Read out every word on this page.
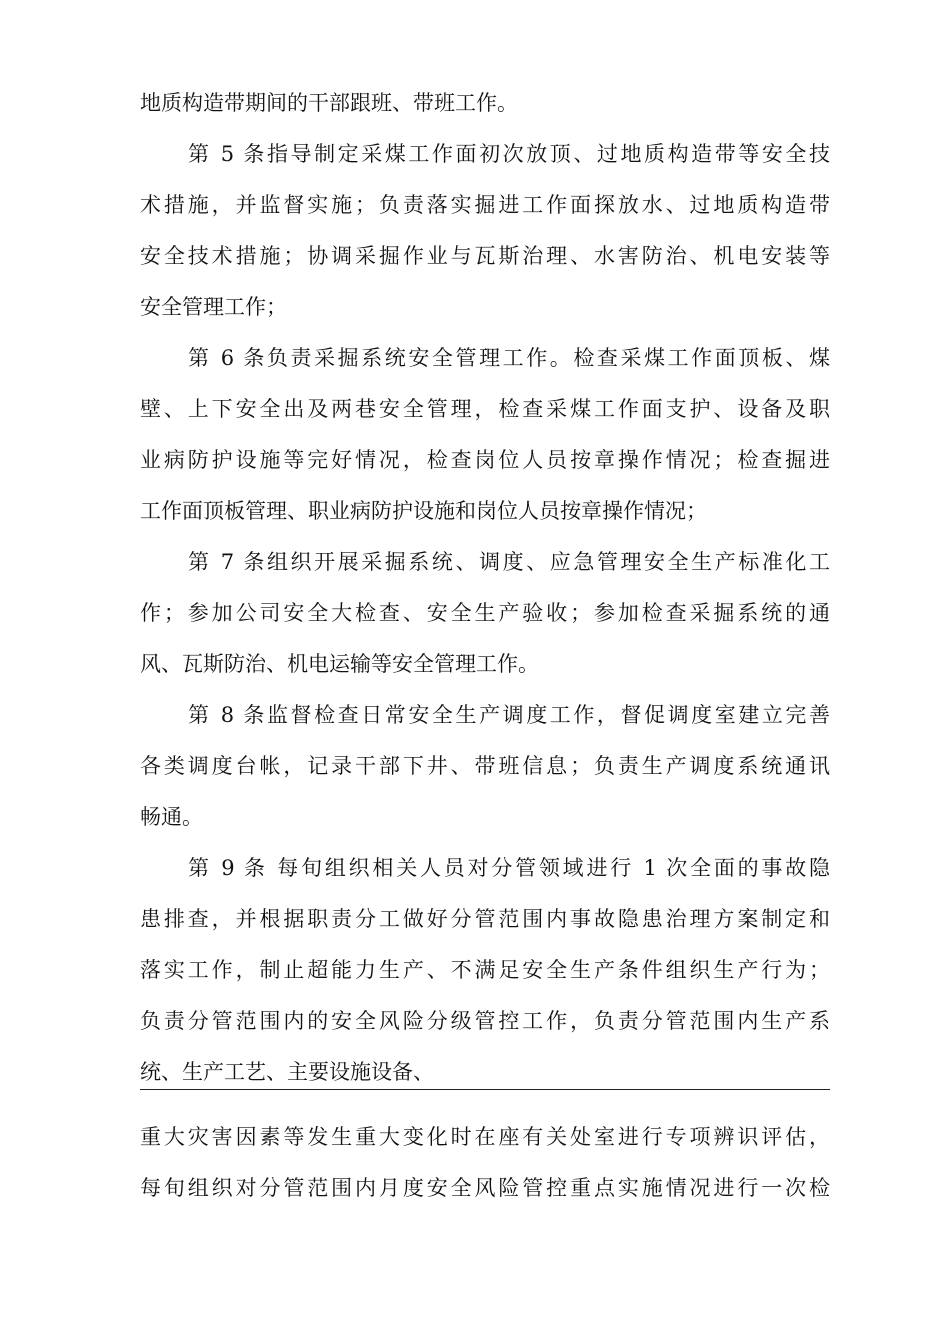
地质构造带期间的干部跟班、带班工作。
第 5 条指导制定采煤工作面初次放顶、过地质构造带等安全技
术措施，并监督实施；负责落实掘进工作面探放水、过地质构造带
安全技术措施；协调采掘作业与瓦斯治理、水害防治、机电安装等
安全管理工作；
第 6 条负责采掘系统安全管理工作。检查采煤工作面顶板、煤
壁、上下安全出及两巷安全管理，检查采煤工作面支护、设备及职
业病防护设施等完好情况，检查岗位人员按章操作情况；检查掘进
工作面顶板管理、职业病防护设施和岗位人员按章操作情况；
第 7 条组织开展采掘系统、调度、应急管理安全生产标准化工
作；参加公司安全大检查、安全生产验收；参加检查采掘系统的通
风、瓦斯防治、机电运输等安全管理工作。
第 8 条监督检查日常安全生产调度工作，督促调度室建立完善
各类调度台帐，记录干部下井、带班信息；负责生产调度系统通讯
畅通。
第 9 条 每旬组织相关人员对分管领域进行 1 次全面的事故隐
患排查，并根据职责分工做好分管范围内事故隐患治理方案制定和
落实工作，制止超能力生产、不满足安全生产条件组织生产行为；
负责分管范围内的安全风险分级管控工作，负责分管范围内生产系
统、生产工艺、主要设施设备、
重大灾害因素等发生重大变化时在座有关处室进行专项辨识评估，
每旬组织对分管范围内月度安全风险管控重点实施情况进行一次检
